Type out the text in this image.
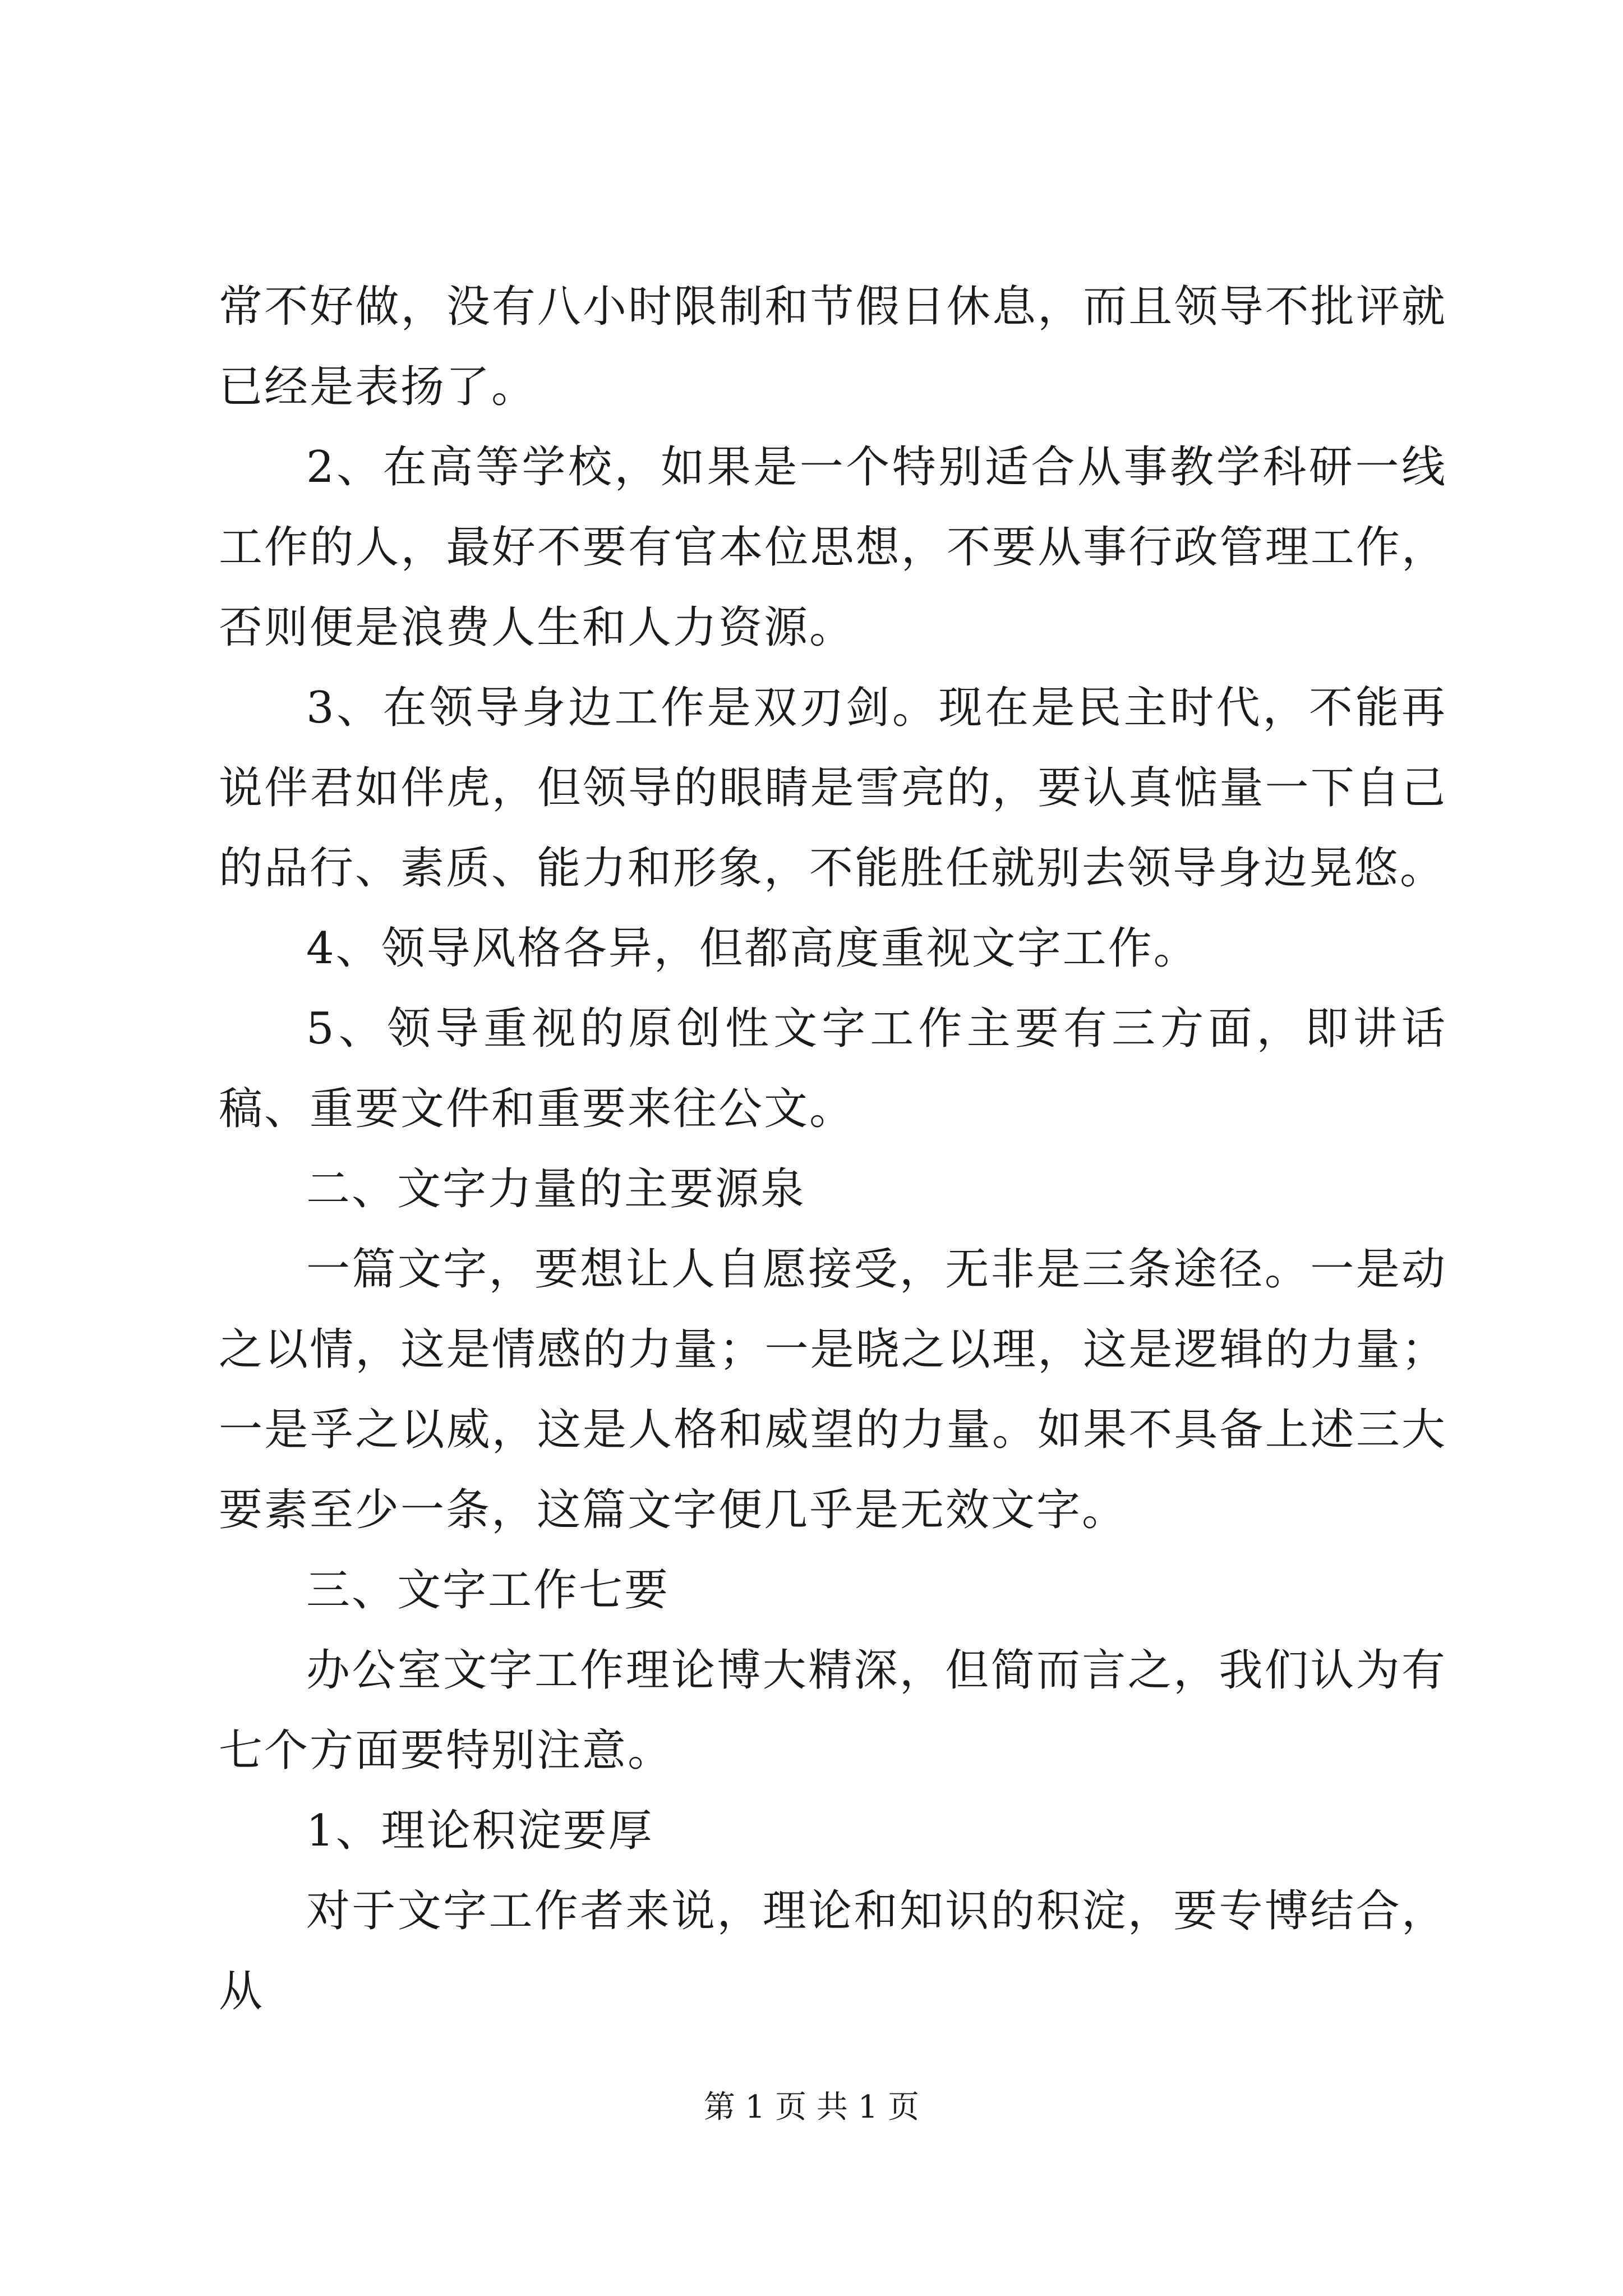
常不好做，没有八小时限制和节假日休息，而且领导不批评就已经是表扬了。

2、在高等学校，如果是一个特别适合从事教学科研一线工作的人，最好不要有官本位思想，不要从事行政管理工作，否则便是浪费人生和人力资源。

3、在领导身边工作是双刃剑。现在是民主时代，不能再说伴君如伴虎，但领导的眼睛是雪亮的，要认真惦量一下自己的品行、素质、能力和形象，不能胜任就别去领导身边晃悠。

4、领导风格各异，但都高度重视文字工作。

5、领导重视的原创性文字工作主要有三方面，即讲话稿、重要文件和重要来往公文。

二、文字力量的主要源泉

一篇文字，要想让人自愿接受，无非是三条途径。一是动之以情，这是情感的力量；一是晓之以理，这是逻辑的力量；一是孚之以威，这是人格和威望的力量。如果不具备上述三大要素至少一条，这篇文字便几乎是无效文字。

三、文字工作七要

办公室文字工作理论博大精深，但简而言之，我们认为有七个方面要特别注意。

1、理论积淀要厚

对于文字工作者来说，理论和知识的积淀，要专博结合，从

第 1 页 共 1 页
